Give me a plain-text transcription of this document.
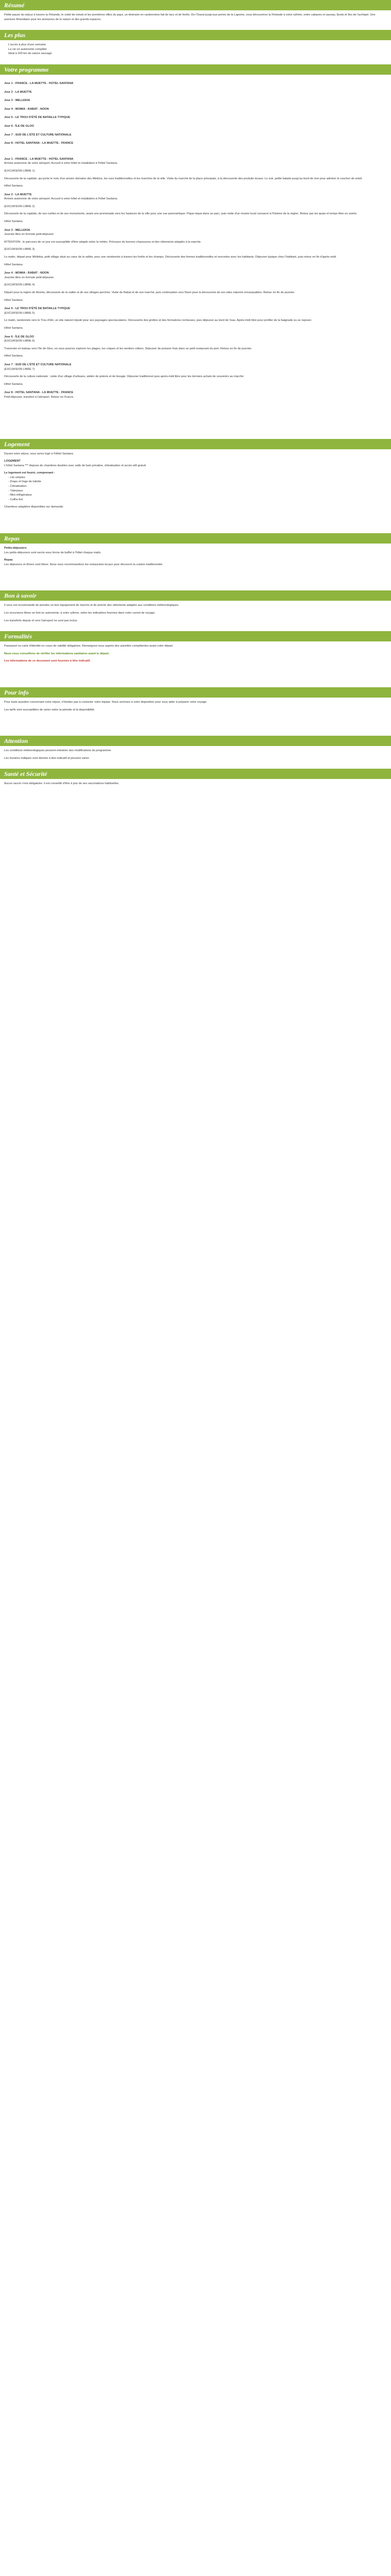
Résumé

Petite pause du séjour à travers la Finlande, le soleil de minuit et les premières villes du pays, un itinéraire en randonnées fait de lacs et de forêts. De l'Ouest jusqu'aux portes de la Laponie, vous découvrirez la Finlande à votre rythme, entre cabanes et saunas, fjords et îles de l'archipel. Une aventure finlandaise pour les amoureux de la nature et des grands espaces.

Les plus
L'accès à plus d'une semaine
La vie en autonomie complète
Idéal à 200 km de nature sauvage
Votre programme
Jour 1 : FRANCE - LA MUETTE - HOTEL SANTANA
Jour 2 : LA MUETTE
Jour 3 : MELLEKIA
Jour 4 : MOMIA - RABAT - NOON
Jour 5 : LE TROU D'ÉTÉ DE BATAILLE TYPIQUE
Jour 6 : ÎLE DE GLOO
Jour 7 : SUD DE L'ÉTÉ ET CULTURE NATIONALE
Jour 8 : HOTEL SANTANA - LA MUETTE - FRANCE
Jour 1 : FRANCE - LA MUETTE - HOTEL SANTANA

Arrivée autonome de votre aéroport. Accueil à votre hôtel et installation à l'hôtel Santana.

(EXCURSION LIBRE 1)

Découverte de la capitale, qui porte le nom d'un ancien domaine des Médicis, les rues traditionnelles et les marchés de la ville. Visite du marché de la place principale, à la découverte des produits locaux. Le soir, petite balade jusqu'au bord de mer pour admirer le coucher de soleil.

Hôtel Santana.

Jour 2 : LA MUETTE

Arrivée autonome de votre aéroport. Accueil à votre hôtel et installation à l'hôtel Santana.

(EXCURSION LIBRE 2)

Découverte de la capitale, de ses ruelles et de ses monuments, avant une promenade vers les hauteurs de la ville pour une vue panoramique. Pique-nique dans un parc, puis visite d'un musée local consacré à l'histoire de la région. Retour par les quais et temps libre en soirée.

Hôtel Santana.

Jour 3 : MELLEKIA

Journée libre en formule petit-déjeuner.

ATTENTION : le parcours de ce jour est susceptible d'être adapté selon la météo. Prévoyez de bonnes chaussures et des vêtements adaptés à la marche.

(EXCURSION LIBRE 3)

Le matin, départ pour Mellekia, petit village situé au cœur de la vallée, pour une randonnée à travers les forêts et les champs. Découverte des fermes traditionnelles et rencontre avec les habitants. Déjeuner typique chez l'habitant, puis retour en fin d'après-midi.

Hôtel Santana.

Jour 4 : MOMIA - RABAT - NOON

Journée libre en formule petit-déjeuner.

(EXCURSION LIBRE 4)

Départ pour la région de Momia, découverte de la vallée et de ses villages perchés. Visite de Rabat et de son marché, puis continuation vers Noon pour la découverte de ses sites naturels remarquables. Retour en fin de journée.

Hôtel Santana.

Jour 5 : LE TROU D'ÉTÉ DE BATAILLE TYPIQUE

(EXCURSION LIBRE 5)

Le matin, randonnée vers le Trou d'été, un site naturel réputé pour ses paysages spectaculaires. Découverte des grottes et des formations rocheuses, puis déjeuner au bord de l'eau. Après-midi libre pour profiter de la baignade ou se reposer.

Hôtel Santana.

Jour 6 : ÎLE DE GLOO

(EXCURSION LIBRE 6)

Traversée en bateau vers l'île de Gloo, où vous pourrez explorer les plages, les criques et les sentiers côtiers. Déjeuner de poisson frais dans un petit restaurant du port. Retour en fin de journée.

Hôtel Santana.

Jour 7 : SUD DE L'ÉTÉ ET CULTURE NATIONALE

(EXCURSION LIBRE 7)

Découverte de la culture nationale : visite d'un village d'artisans, atelier de poterie et de tissage. Déjeuner traditionnel puis après-midi libre pour les derniers achats de souvenirs au marché.

Hôtel Santana.

Jour 8 : HOTEL SANTANA - LA MUETTE - FRANCE

Petit-déjeuner, transfert à l'aéroport. Retour en France.

Logement

Durant votre séjour, vous serez logé à l'Hôtel Santana.

LOGEMENT

L'hôtel Santana *** dispose de chambres doubles avec salle de bain privative, climatisation et accès wifi gratuit.

Le logement est fourni, comprenant :
- Lits simples
- Draps et linge de toilette
- Climatisation
- Télévision
- Mini-réfrigérateur
- Coffre-fort

Chambres adaptées disponibles sur demande.

Repas
Petits-déjeuners

Les petits-déjeuners sont servis sous forme de buffet à l'hôtel chaque matin.

Repas

Les déjeuners et dîners sont libres. Nous vous recommandons les restaurants locaux pour découvrir la cuisine traditionnelle.

Bon à savoir

Il vous est recommandé de prendre un bon équipement de marche et de prévoir des vêtements adaptés aux conditions météorologiques.

Les excursions libres se font en autonomie, à votre rythme, selon les indications fournies dans votre carnet de voyage.

Les transferts depuis et vers l'aéroport ne sont pas inclus.

Formalités

Passeport ou carte d'identité en cours de validité obligatoire. Renseignez-vous auprès des autorités compétentes avant votre départ.

Nous vous conseillons de vérifier les informations sanitaires avant le départ.

Les informations de ce document sont fournies à titre indicatif.

Pour info

Pour toute question concernant votre séjour, n'hésitez pas à contacter notre équipe. Nous sommes à votre disposition pour vous aider à préparer votre voyage.

Les tarifs sont susceptibles de varier selon la période et la disponibilité.

Attention

Les conditions météorologiques peuvent entraîner des modifications du programme.

Les horaires indiqués sont donnés à titre indicatif et peuvent varier.

Santé et Sécurité

Aucun vaccin n'est obligatoire. Il est conseillé d'être à jour de ses vaccinations habituelles.
